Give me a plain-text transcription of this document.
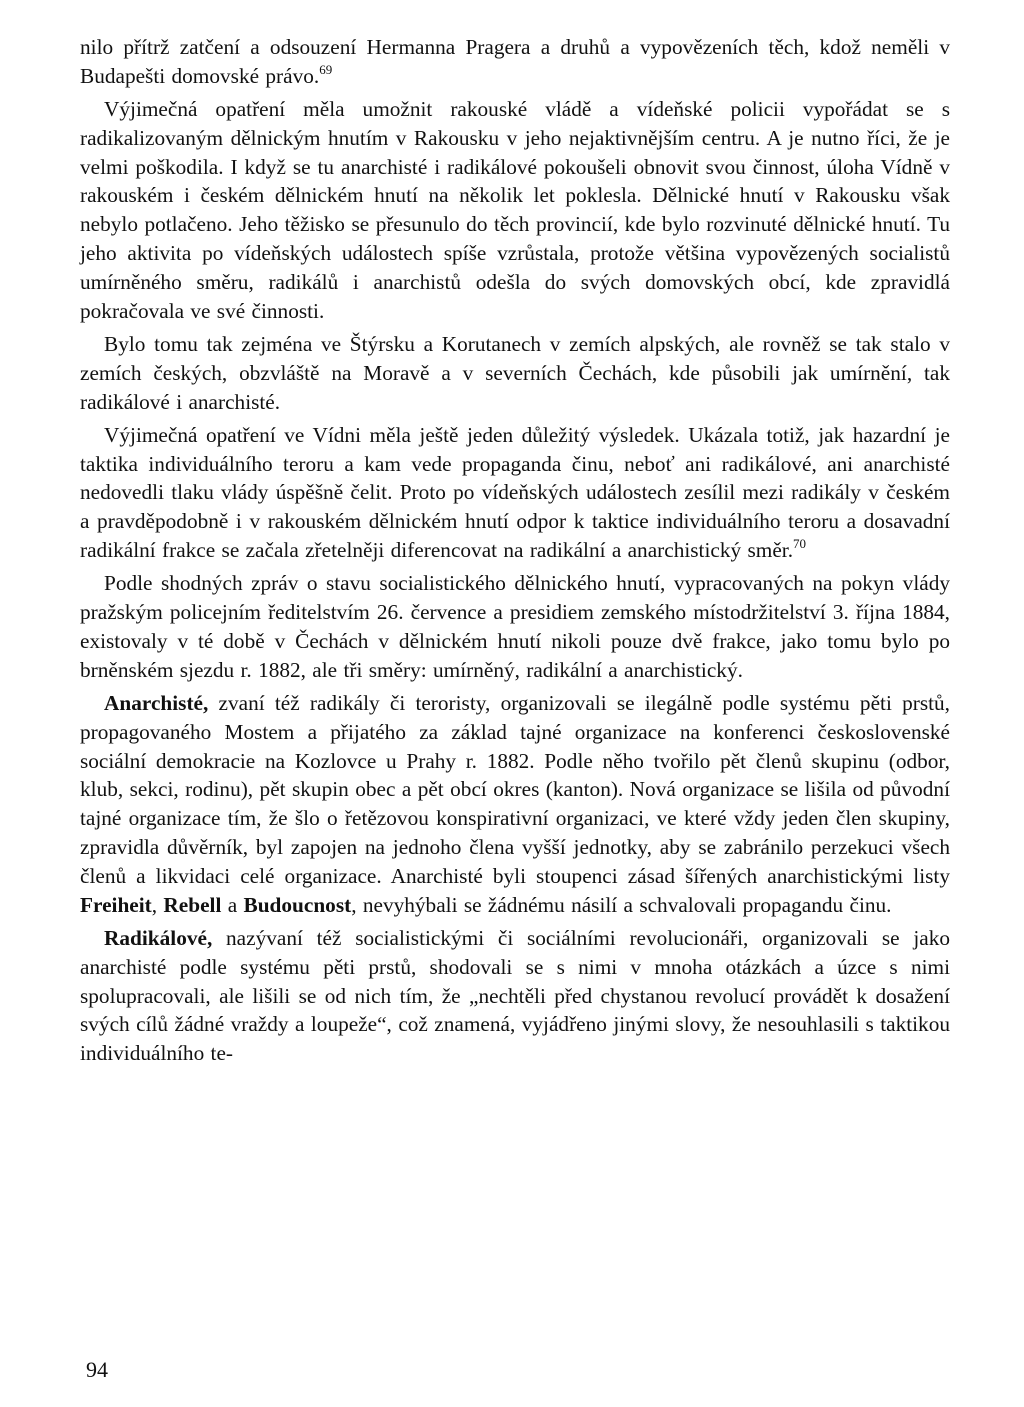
nilo přítrž zatčení a odsouzení Hermanna Pragera a druhů a vypovězeních těch, kdož neměli v Budapešti domovské právo.$^{69}$

Výjimečná opatření měla umožnit rakouské vládě a vídeňské policii vypořádat se s radikalizovaným dělnickým hnutím v Rakousku v jeho nejaktivnějším centru. A je nutno říci, že je velmi poškodila. I když se tu anarchisté i radikálové pokoušeli obnovit svou činnost, úloha Vídně v rakouském i českém dělnickém hnutí na několik let poklesla. Dělnické hnutí v Rakousku však nebylo potlačeno. Jeho těžisko se přesunulo do těch provincií, kde bylo rozvinuté dělnické hnutí. Tu jeho aktivita po vídeňských událostech spíše vzrůstala, protože většina vypovězených socialistů umírněného směru, radikálů i anarchistů odešla do svých domovských obcí, kde zpravidlá pokračovala ve své činnosti.

Bylo tomu tak zejména ve Štýrsku a Korutanech v zemích alpských, ale rovněž se tak stalo v zemích českých, obzvláště na Moravě a v severních Čechách, kde působili jak umírnění, tak radikálové i anarchisté.

Výjimečná opatření ve Vídni měla ještě jeden důležitý výsledek. Ukázala totiž, jak hazardní je taktika individuálního teroru a kam vede propaganda činu, neboť ani radikálové, ani anarchisté nedovedli tlaku vlády úspěšně čelit. Proto po vídeňských událostech zesílil mezi radikály v českém a pravděpodobně i v rakouském dělnickém hnutí odpor k taktice individuálního teroru a dosavadní radikální frakce se začala zřetelněji diferencovat na radikální a anarchistický směr.$^{70}$

Podle shodných zpráv o stavu socialistického dělnického hnutí, vypracovaných na pokyn vlády pražským policejním ředitelstvím 26. července a presidiem zemského místodržitelství 3. října 1884, existovaly v té době v Čechách v dělnickém hnutí nikoli pouze dvě frakce, jako tomu bylo po brněnském sjezdu r. 1882, ale tři směry: umírněný, radikální a anarchistický.

Anarchisté, zvaní též radikály či teroristy, organizovali se ilegálně podle systému pěti prstů, propagovaného Mostem a přijatého za základ tajné organizace na konferenci československé sociální demokracie na Kozlovce u Prahy r. 1882. Podle něho tvořilo pět členů skupinu (odbor, klub, sekci, rodinu), pět skupin obec a pět obcí okres (kanton). Nová organizace se lišila od původní tajné organizace tím, že šlo o řetězovou konspirativní organizaci, ve které vždy jeden člen skupiny, zpravidla důvěrník, byl zapojen na jednoho člena vyšší jednotky, aby se zabránilo perzekuci všech členů a likvidaci celé organizace. Anarchisté byli stoupenci zásad šířených anarchistickými listy Freiheit, Rebell a Budoucnost, nevyhýbali se žádnému násilí a schvalovali propagandu činu.

Radikálové, nazývaní též socialistickými či sociálními revolucionáři, organizovali se jako anarchisté podle systému pěti prstů, shodovali se s nimi v mnoha otázkách a úzce s nimi spolupracovali, ale lišili se od nich tím, že „nechtěli před chystanou revolucí provádět k dosažení svých cílů žádné vraždy a loupeže“, což znamená, vyjádřeno jinými slovy, že nesouhlasili s taktikou individuálního te-

94
